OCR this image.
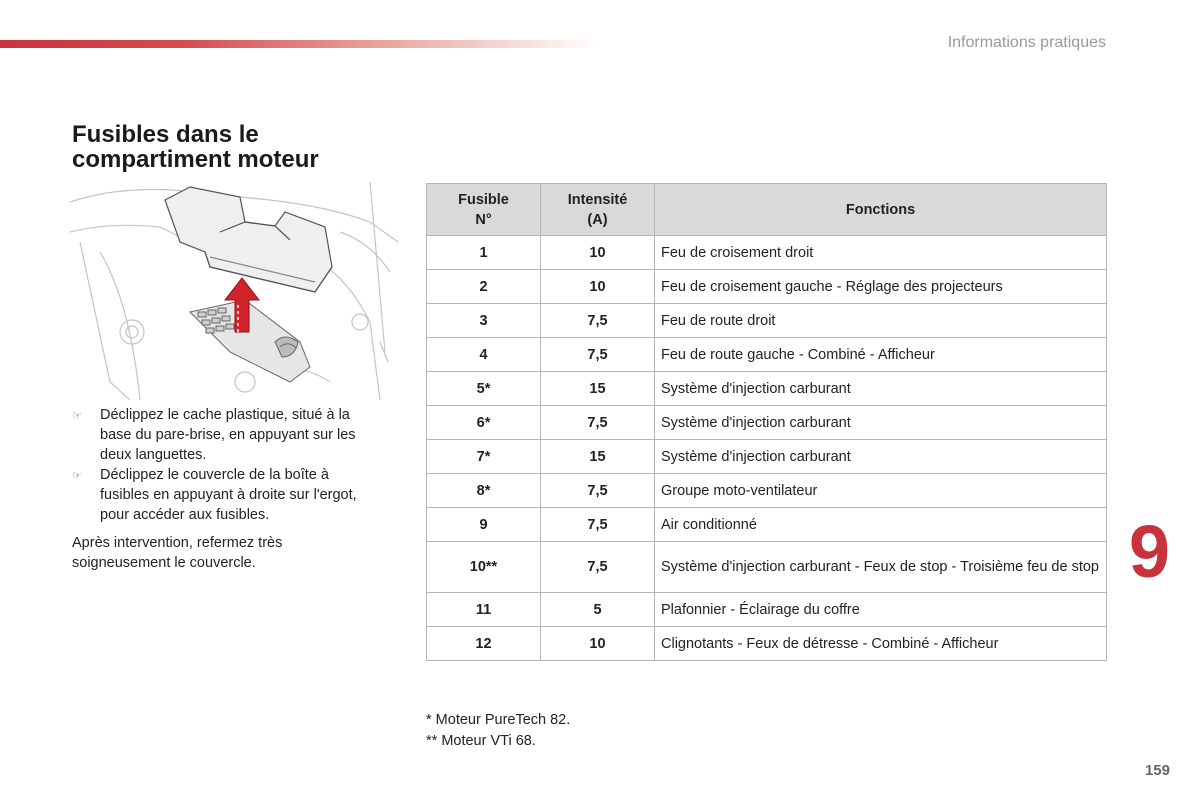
Informations pratiques
Fusibles dans le compartiment moteur
☞	Déclippez le cache plastique, situé à la base du pare-brise, en appuyant sur les deux languettes.
☞	Déclippez le couvercle de la boîte à fusibles en appuyant à droite sur l'ergot, pour accéder aux fusibles.
Après intervention, refermez très soigneusement le couvercle.
Fusible N°	Intensité (A)	Fonctions
1	10	Feu de croisement droit
2	10	Feu de croisement gauche - Réglage des projecteurs
3	7,5	Feu de route droit
4	7,5	Feu de route gauche - Combiné - Afficheur
5*	15	Système d'injection carburant
6*	7,5	Système d'injection carburant
7*	15	Système d'injection carburant
8*	7,5	Groupe moto-ventilateur
9	7,5	Air conditionné
10**	7,5	Système d'injection carburant - Feux de stop - Troisième feu de stop
11	5	Plafonnier - Éclairage du coffre
12	10	Clignotants - Feux de détresse - Combiné - Afficheur
* Moteur PureTech 82.
** Moteur VTi 68.
9
159
